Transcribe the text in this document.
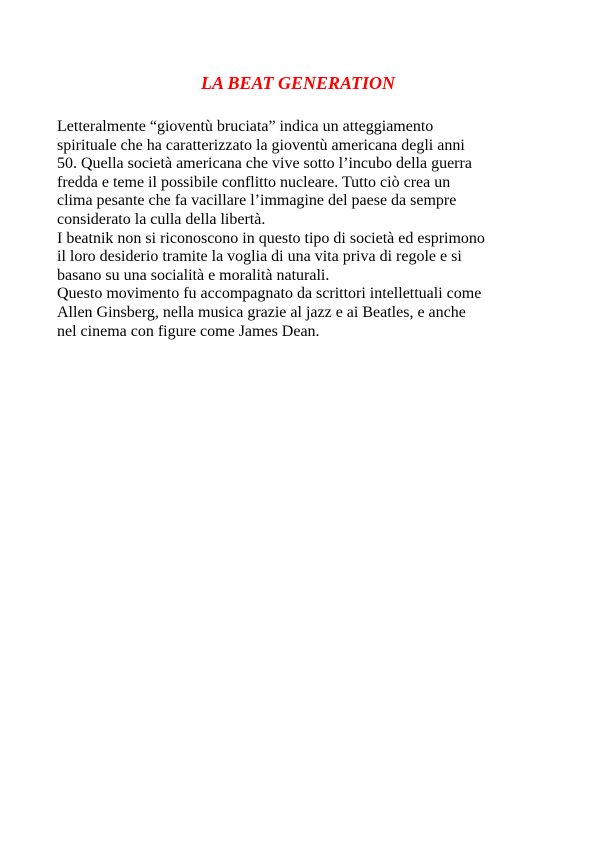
LA BEAT GENERATION
Letteralmente “gioventù bruciata” indica un atteggiamento
spirituale che ha caratterizzato la gioventù americana degli anni
50. Quella società americana che vive sotto l’incubo della guerra
fredda e teme il possibile conflitto nucleare. Tutto ciò crea un
clima pesante che fa vacillare l’immagine del paese da sempre
considerato la culla della libertà.
I beatnik non si riconoscono in questo tipo di società ed esprimono
il loro desiderio tramite la voglia di una vita priva di regole e si
basano su una socialità e moralità naturali.
Questo movimento fu accompagnato da scrittori intellettuali come
Allen Ginsberg, nella musica grazie al jazz e ai Beatles, e anche
nel cinema con figure come James Dean.
